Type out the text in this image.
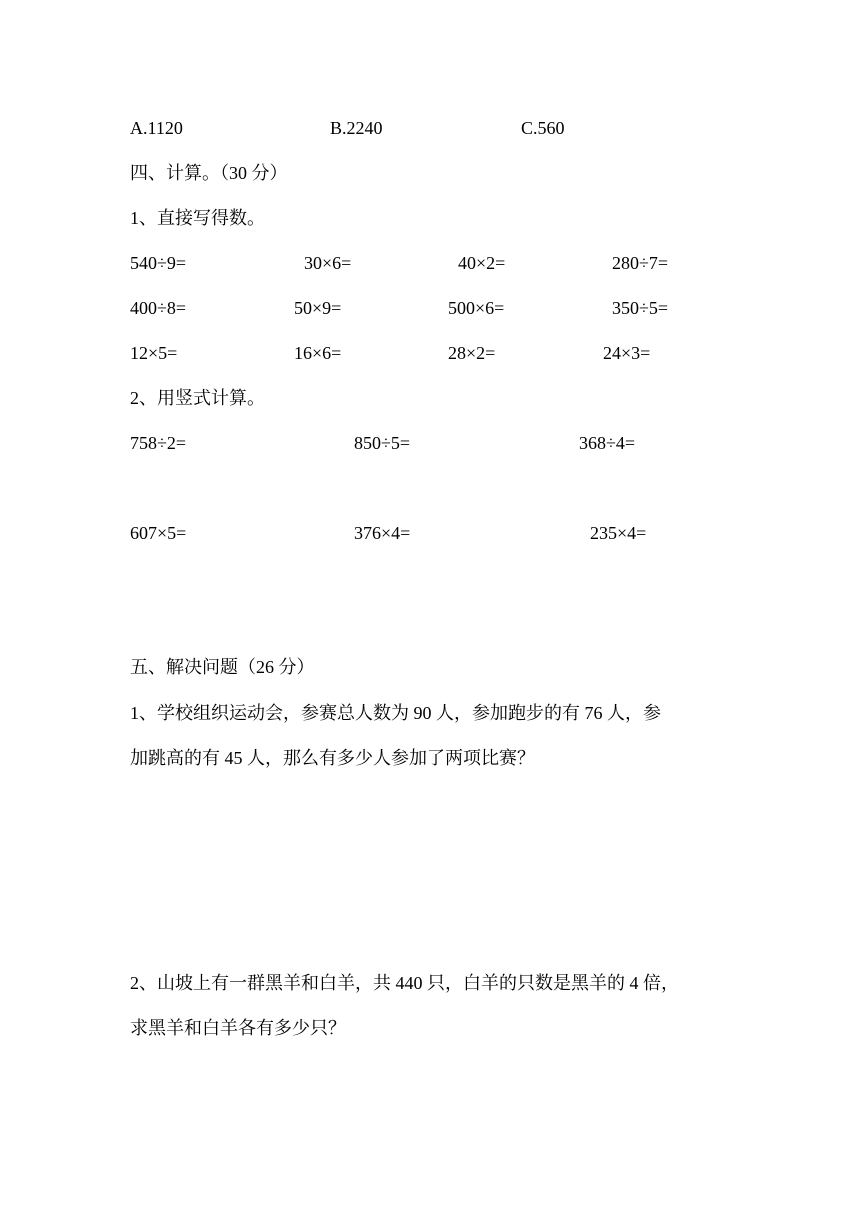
A.1120	B.2240	C.560
四、计算。（30 分）
1、直接写得数。
540÷9=	30×6=	40×2=	280÷7=
400÷8=	50×9=	500×6=	350÷5=
12×5=	16×6=	28×2=	24×3=
2、用竖式计算。
758÷2=	850÷5=	368÷4=
607×5=	376×4=	235×4=
五、解决问题（26 分）
1、学校组织运动会，参赛总人数为 90 人，参加跑步的有 76 人，参
加跳高的有 45 人，那么有多少人参加了两项比赛？
2、山坡上有一群黑羊和白羊，共 440 只，白羊的只数是黑羊的 4 倍，
求黑羊和白羊各有多少只？
